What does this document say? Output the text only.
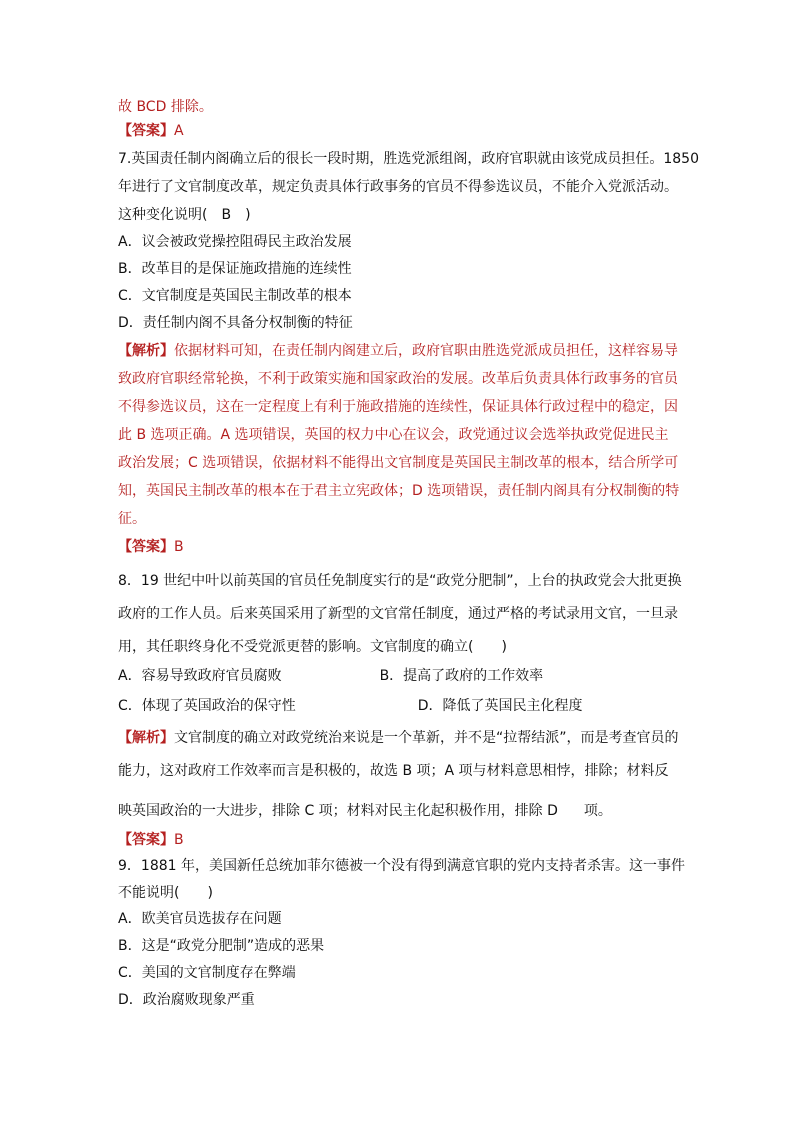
故 BCD 排除。
【答案】A
7.英国责任制内阁确立后的很长一段时期，胜选党派组阁，政府官职就由该党成员担任。1850
年进行了文官制度改革，规定负责具体行政事务的官员不得参选议员，不能介入党派活动。
这种变化说明(　B　)
A．议会被政党操控阻碍民主政治发展
B．改革目的是保证施政措施的连续性
C．文官制度是英国民主制改革的根本
D．责任制内阁不具备分权制衡的特征
【解析】依据材料可知，在责任制内阁建立后，政府官职由胜选党派成员担任，这样容易导
致政府官职经常轮换，不利于政策实施和国家政治的发展。改革后负责具体行政事务的官员
不得参选议员，这在一定程度上有利于施政措施的连续性，保证具体行政过程中的稳定，因
此 B 选项正确。A 选项错误，英国的权力中心在议会，政党通过议会选举执政党促进民主
政治发展；C 选项错误，依据材料不能得出文官制度是英国民主制改革的根本，结合所学可
知，英国民主制改革的根本在于君主立宪政体；D 选项错误，责任制内阁具有分权制衡的特
征。
【答案】B
8．19 世纪中叶以前英国的官员任免制度实行的是“政党分肥制”，上台的执政党会大批更换
政府的工作人员。后来英国采用了新型的文官常任制度，通过严格的考试录用文官，一旦录
用，其任职终身化不受党派更替的影响。文官制度的确立(　　)
A．容易导致政府官员腐败	B．提高了政府的工作效率
C．体现了英国政治的保守性	D．降低了英国民主化程度
【解析】文官制度的确立对政党统治来说是一个革新，并不是“拉帮结派”，而是考查官员的
能力，这对政府工作效率而言是积极的，故选 B 项；A 项与材料意思相悖，排除；材料反
映英国政治的一大进步，排除 C 项；材料对民主化起积极作用，排除 D 项。
【答案】B
9．1881 年，美国新任总统加菲尔德被一个没有得到满意官职的党内支持者杀害。这一事件
不能说明(　　)
A．欧美官员选拔存在问题
B．这是“政党分肥制”造成的恶果
C．美国的文官制度存在弊端
D．政治腐败现象严重
